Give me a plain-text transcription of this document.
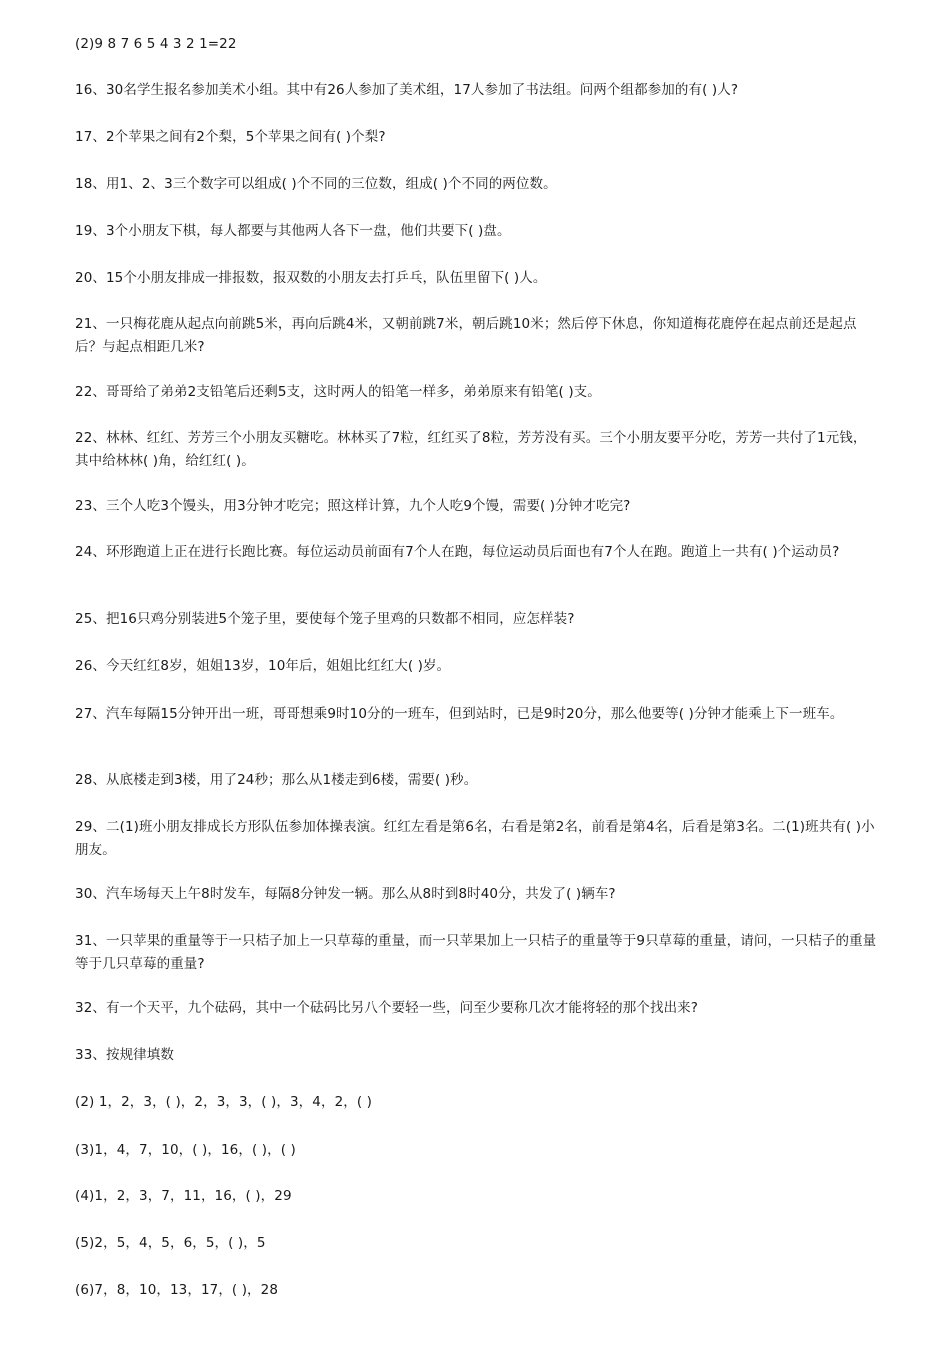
(2)9 8 7 6 5 4 3 2 1=22
16、30名学生报名参加美术小组。其中有26人参加了美术组，17人参加了书法组。问两个组都参加的有( )人?
17、2个苹果之间有2个梨，5个苹果之间有( )个梨?
18、用1、2、3三个数字可以组成( )个不同的三位数，组成( )个不同的两位数。
19、3个小朋友下棋，每人都要与其他两人各下一盘，他们共要下( )盘。
20、15个小朋友排成一排报数，报双数的小朋友去打乒乓，队伍里留下( )人。
21、一只梅花鹿从起点向前跳5米，再向后跳4米，又朝前跳7米，朝后跳10米；然后停下休息，你知道梅花鹿停在起点前还是起点后？与起点相距几米?
22、哥哥给了弟弟2支铅笔后还剩5支，这时两人的铅笔一样多，弟弟原来有铅笔( )支。
22、林林、红红、芳芳三个小朋友买糖吃。林林买了7粒，红红买了8粒，芳芳没有买。三个小朋友要平分吃，芳芳一共付了1元钱，其中给林林( )角，给红红( )。
23、三个人吃3个馒头，用3分钟才吃完；照这样计算，九个人吃9个馒，需要( )分钟才吃完?
24、环形跑道上正在进行长跑比赛。每位运动员前面有7个人在跑，每位运动员后面也有7个人在跑。跑道上一共有( )个运动员?
25、把16只鸡分别装进5个笼子里，要使每个笼子里鸡的只数都不相同，应怎样装?
26、今天红红8岁，姐姐13岁，10年后，姐姐比红红大( )岁。
27、汽车每隔15分钟开出一班，哥哥想乘9时10分的一班车，但到站时，已是9时20分，那么他要等( )分钟才能乘上下一班车。
28、从底楼走到3楼，用了24秒；那么从1楼走到6楼，需要( )秒。
29、二(1)班小朋友排成长方形队伍参加体操表演。红红左看是第6名，右看是第2名，前看是第4名，后看是第3名。二(1)班共有( )小朋友。
30、汽车场每天上午8时发车，每隔8分钟发一辆。那么从8时到8时40分，共发了( )辆车?
31、一只苹果的重量等于一只桔子加上一只草莓的重量，而一只苹果加上一只桔子的重量等于9只草莓的重量，请问，一只桔子的重量等于几只草莓的重量?
32、有一个天平，九个砝码，其中一个砝码比另八个要轻一些，问至少要称几次才能将轻的那个找出来?
33、按规律填数
(2) 1，2，3，( )，2，3，3，( )，3，4，2，( )
(3)1，4，7，10，( )，16，( )，( )
(4)1，2，3，7，11，16，( )，29
(5)2，5，4，5，6，5，( )，5
(6)7，8，10，13，17，( )，28
